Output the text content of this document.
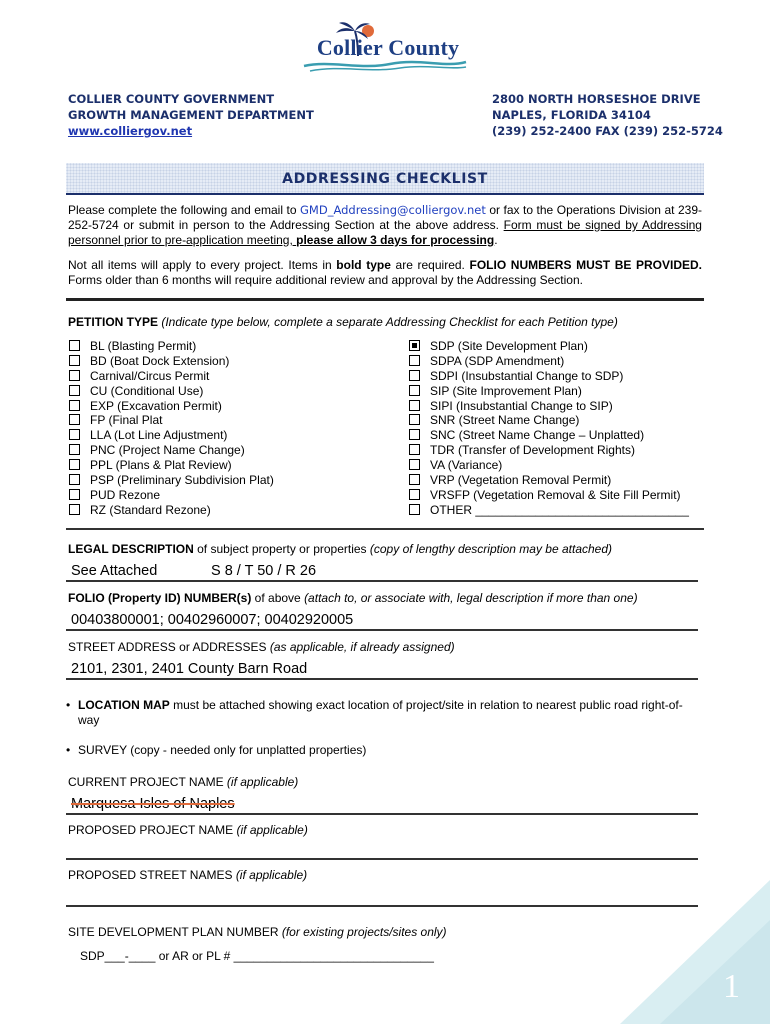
Collier County
COLLIER COUNTY GOVERNMENT
GROWTH MANAGEMENT DEPARTMENT
www.colliergov.net
2800 NORTH HORSESHOE DRIVE
NAPLES, FLORIDA 34104
(239) 252-2400 FAX (239) 252-5724
ADDRESSING CHECKLIST
Please complete the following and email to GMD_Addressing@colliergov.net or fax to the Operations Division at 239-252-5724 or submit in person to the Addressing Section at the above address. Form must be signed by Addressing personnel prior to pre-application meeting, please allow 3 days for processing.
Not all items will apply to every project. Items in bold type are required. FOLIO NUMBERS MUST BE PROVIDED. Forms older than 6 months will require additional review and approval by the Addressing Section.
PETITION TYPE (Indicate type below, complete a separate Addressing Checklist for each Petition type)
BL (Blasting Permit)
BD (Boat Dock Extension)
Carnival/Circus Permit
CU (Conditional Use)
EXP (Excavation Permit)
FP (Final Plat
LLA (Lot Line Adjustment)
PNC (Project Name Change)
PPL (Plans & Plat Review)
PSP (Preliminary Subdivision Plat)
PUD Rezone
RZ (Standard Rezone)
SDP (Site Development Plan)
SDPA (SDP Amendment)
SDPI (Insubstantial Change to SDP)
SIP (Site Improvement Plan)
SIPI (Insubstantial Change to SIP)
SNR (Street Name Change)
SNC (Street Name Change – Unplatted)
TDR (Transfer of Development Rights)
VA (Variance)
VRP (Vegetation Removal Permit)
VRSFP (Vegetation Removal & Site Fill Permit)
OTHER ________________________________
LEGAL DESCRIPTION of subject property or properties (copy of lengthy description may be attached)
See Attached	S 8 / T 50 / R 26
FOLIO (Property ID) NUMBER(s) of above (attach to, or associate with, legal description if more than one)
00403800001; 00402960007; 00402920005
STREET ADDRESS or ADDRESSES (as applicable, if already assigned)
2101, 2301, 2401 County Barn Road
• LOCATION MAP must be attached showing exact location of project/site in relation to nearest public road right-of-way
• SURVEY (copy - needed only for unplatted properties)
CURRENT PROJECT NAME (if applicable)
Marquesa Isles of Naples
PROPOSED PROJECT NAME (if applicable)
PROPOSED STREET NAMES (if applicable)
SITE DEVELOPMENT PLAN NUMBER (for existing projects/sites only)
SDP___-____ or AR or PL # ______________________________
1
